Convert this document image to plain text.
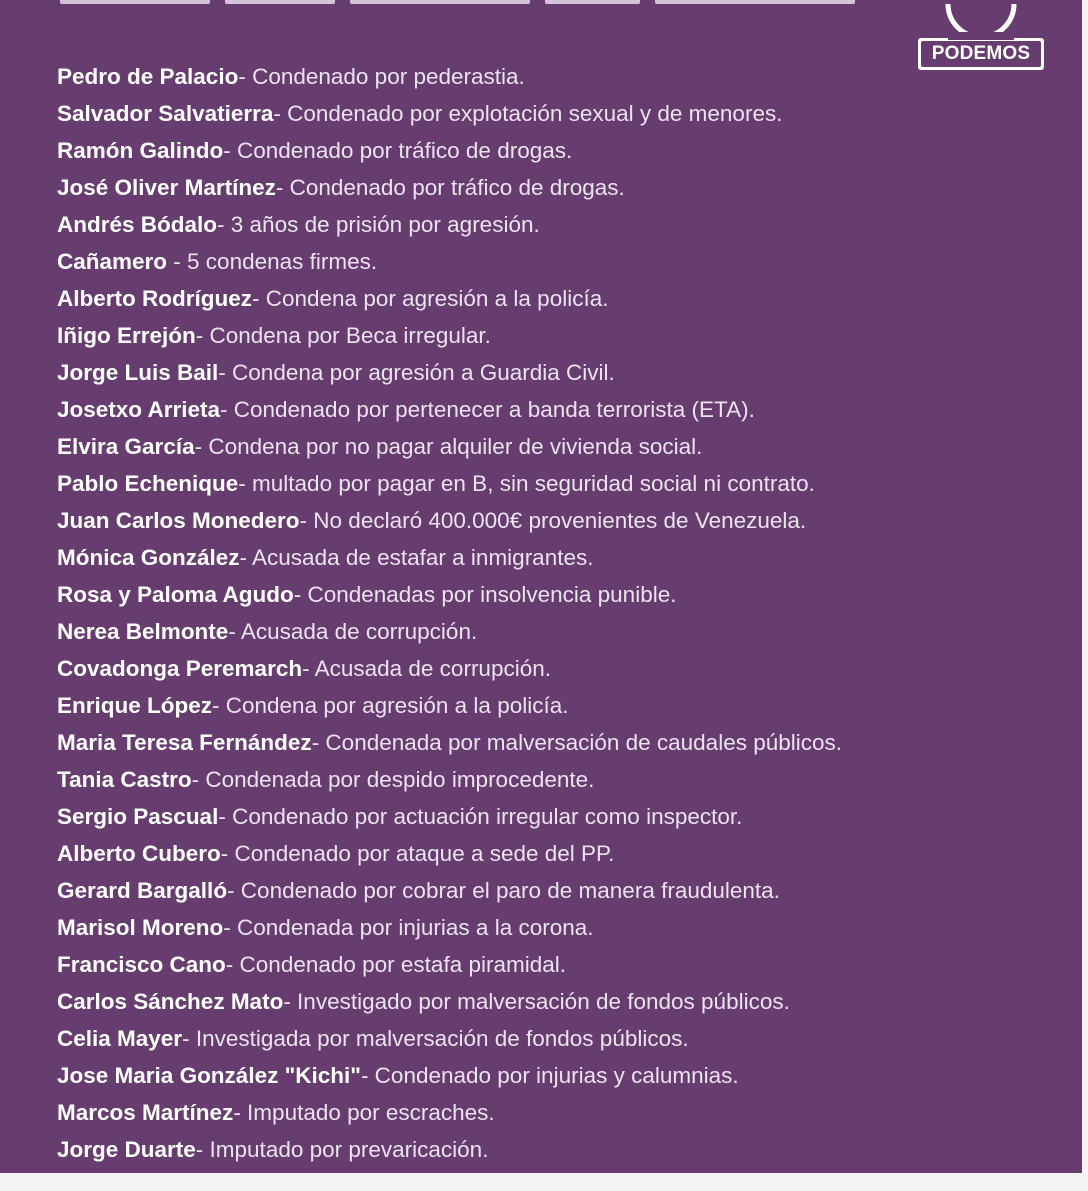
PODEMOS
Pedro de Palacio- Condenado por pederastia.
Salvador Salvatierra- Condenado por explotación sexual y de menores.
Ramón Galindo- Condenado por tráfico de drogas.
José Oliver Martínez- Condenado por tráfico de drogas.
Andrés Bódalo- 3 años de prisión por agresión.
Cañamero - 5 condenas firmes.
Alberto Rodríguez- Condena por agresión a la policía.
Iñigo Errejón- Condena por Beca irregular.
Jorge Luis Bail- Condena por agresión a Guardia Civil.
Josetxo Arrieta- Condenado por pertenecer a banda terrorista (ETA).
Elvira García- Condena por no pagar alquiler de vivienda social.
Pablo Echenique- multado por pagar en B, sin seguridad social ni contrato.
Juan Carlos Monedero- No declaró 400.000€ provenientes de Venezuela.
Mónica González- Acusada de estafar a inmigrantes.
Rosa y Paloma Agudo- Condenadas por insolvencia punible.
Nerea Belmonte- Acusada de corrupción.
Covadonga Peremarch- Acusada de corrupción.
Enrique López- Condena por agresión a la policía.
Maria Teresa Fernández- Condenada por malversación de caudales públicos.
Tania Castro- Condenada por despido improcedente.
Sergio Pascual- Condenado por actuación irregular como inspector.
Alberto Cubero- Condenado por ataque a sede del PP.
Gerard Bargalló- Condenado por cobrar el paro de manera fraudulenta.
Marisol Moreno- Condenada por injurias a la corona.
Francisco Cano- Condenado por estafa piramidal.
Carlos Sánchez Mato- Investigado por malversación de fondos públicos.
Celia Mayer- Investigada por malversación de fondos públicos.
Jose Maria González "Kichi"- Condenado por injurias y calumnias.
Marcos Martínez- Imputado por escraches.
Jorge Duarte- Imputado por prevaricación.
